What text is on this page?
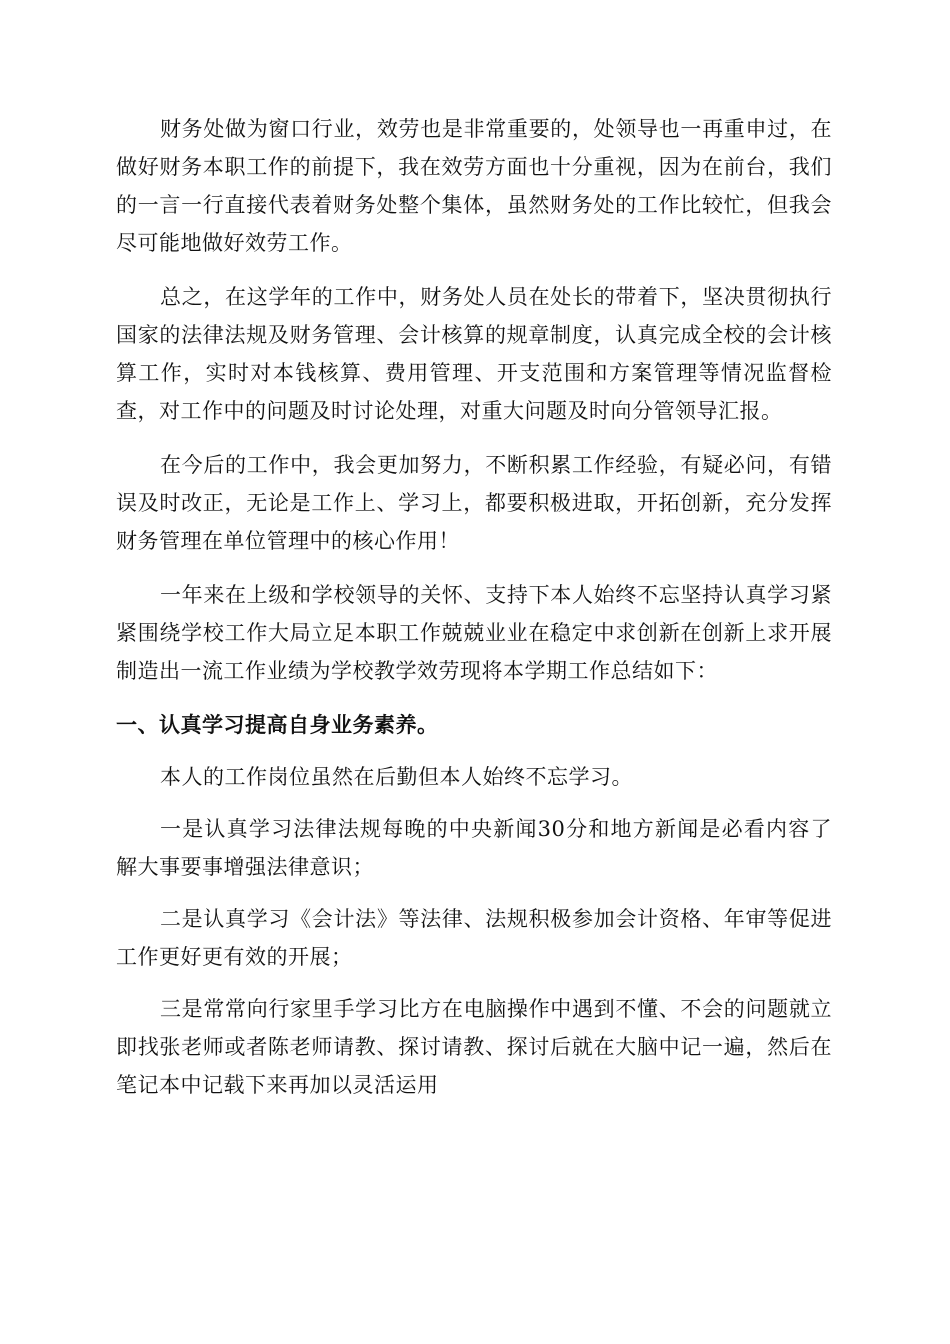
财务处做为窗口行业，效劳也是非常重要的，处领导也一再重申过，在做好财务本职工作的前提下，我在效劳方面也十分重视，因为在前台，我们的一言一行直接代表着财务处整个集体，虽然财务处的工作比较忙，但我会尽可能地做好效劳工作。

总之，在这学年的工作中，财务处人员在处长的带着下，坚决贯彻执行国家的法律法规及财务管理、会计核算的规章制度，认真完成全校的会计核算工作，实时对本钱核算、费用管理、开支范围和方案管理等情况监督检查，对工作中的问题及时讨论处理，对重大问题及时向分管领导汇报。

在今后的工作中，我会更加努力，不断积累工作经验，有疑必问，有错误及时改正，无论是工作上、学习上，都要积极进取，开拓创新，充分发挥财务管理在单位管理中的核心作用！

一年来在上级和学校领导的关怀、支持下本人始终不忘坚持认真学习紧紧围绕学校工作大局立足本职工作兢兢业业在稳定中求创新在创新上求开展制造出一流工作业绩为学校教学效劳现将本学期工作总结如下：

一、认真学习提高自身业务素养。

本人的工作岗位虽然在后勤但本人始终不忘学习。

一是认真学习法律法规每晚的中央新闻30分和地方新闻是必看内容了解大事要事增强法律意识；

二是认真学习《会计法》等法律、法规积极参加会计资格、年审等促进工作更好更有效的开展；

三是常常向行家里手学习比方在电脑操作中遇到不懂、不会的问题就立即找张老师或者陈老师请教、探讨请教、探讨后就在大脑中记一遍，然后在笔记本中记载下来再加以灵活运用
